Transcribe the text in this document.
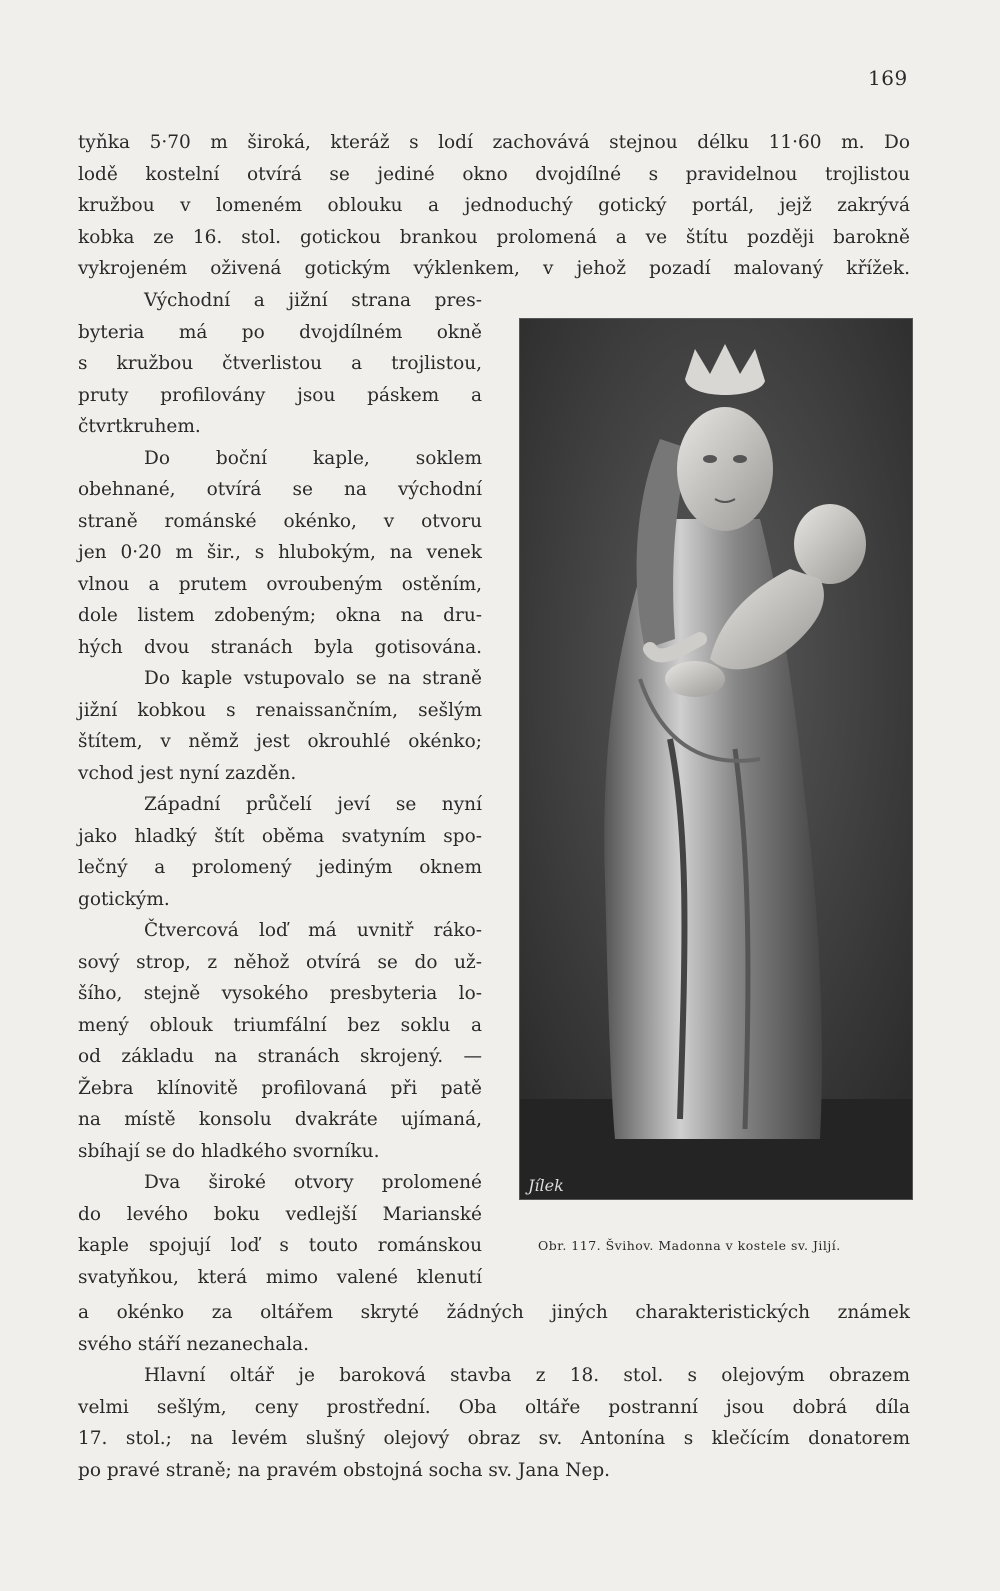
169
tyňka 5·70 m široká, kteráž s lodí zachovává stejnou délku 11·60 m. Do
lodě kostelní otvírá se jediné okno dvojdílné s pravidelnou trojlistou
kružbou v lomeném oblouku a jednoduchý gotický portál, jejž zakrývá
kobka ze 16. stol. gotickou brankou prolomená a ve štítu později barokně
vykrojeném oživená gotickým výklenkem, v jehož pozadí malovaný křížek.
Východní a jižní strana pres-
byteria má po dvojdílném okně
s kružbou čtverlistou a trojlistou,
pruty profilovány jsou páskem a
čtvrtkruhem.
Do boční kaple, soklem
obehnané, otvírá se na východní
straně románské okénko, v otvoru
jen 0·20 m šir., s hlubokým, na venek
vlnou a prutem ovroubeným ostěním,
dole listem zdobeným; okna na dru-
hých dvou stranách byla gotisována.
Do kaple vstupovalo se na straně
jižní kobkou s renaissančním, sešlým
štítem, v němž jest okrouhlé okénko;
vchod jest nyní zazděn.
Západní průčelí jeví se nyní
jako hladký štít oběma svatyním spo-
lečný a prolomený jediným oknem
gotickým.
Čtvercová loď má uvnitř ráko-
sový strop, z něhož otvírá se do už-
šího, stejně vysokého presbyteria lo-
mený oblouk triumfální bez soklu a
od základu na stranách skrojený. —
Žebra klínovitě profilovaná při patě
na místě konsolu dvakráte ujímaná,
sbíhají se do hladkého svorníku.
Dva široké otvory prolomené
do levého boku vedlejší Marianské
kaple spojují loď s touto románskou
svatyňkou, která mimo valené klenutí
Jílek
Obr. 117. Švihov. Madonna v kostele sv. Jiljí.
a okénko za oltářem skryté žádných jiných charakteristických známek
svého stáří nezanechala.
Hlavní oltář je baroková stavba z 18. stol. s olejovým obrazem
velmi sešlým, ceny prostřední. Oba oltáře postranní jsou dobrá díla
17. stol.; na levém slušný olejový obraz sv. Antonína s klečícím donatorem
po pravé straně; na pravém obstojná socha sv. Jana Nep.
